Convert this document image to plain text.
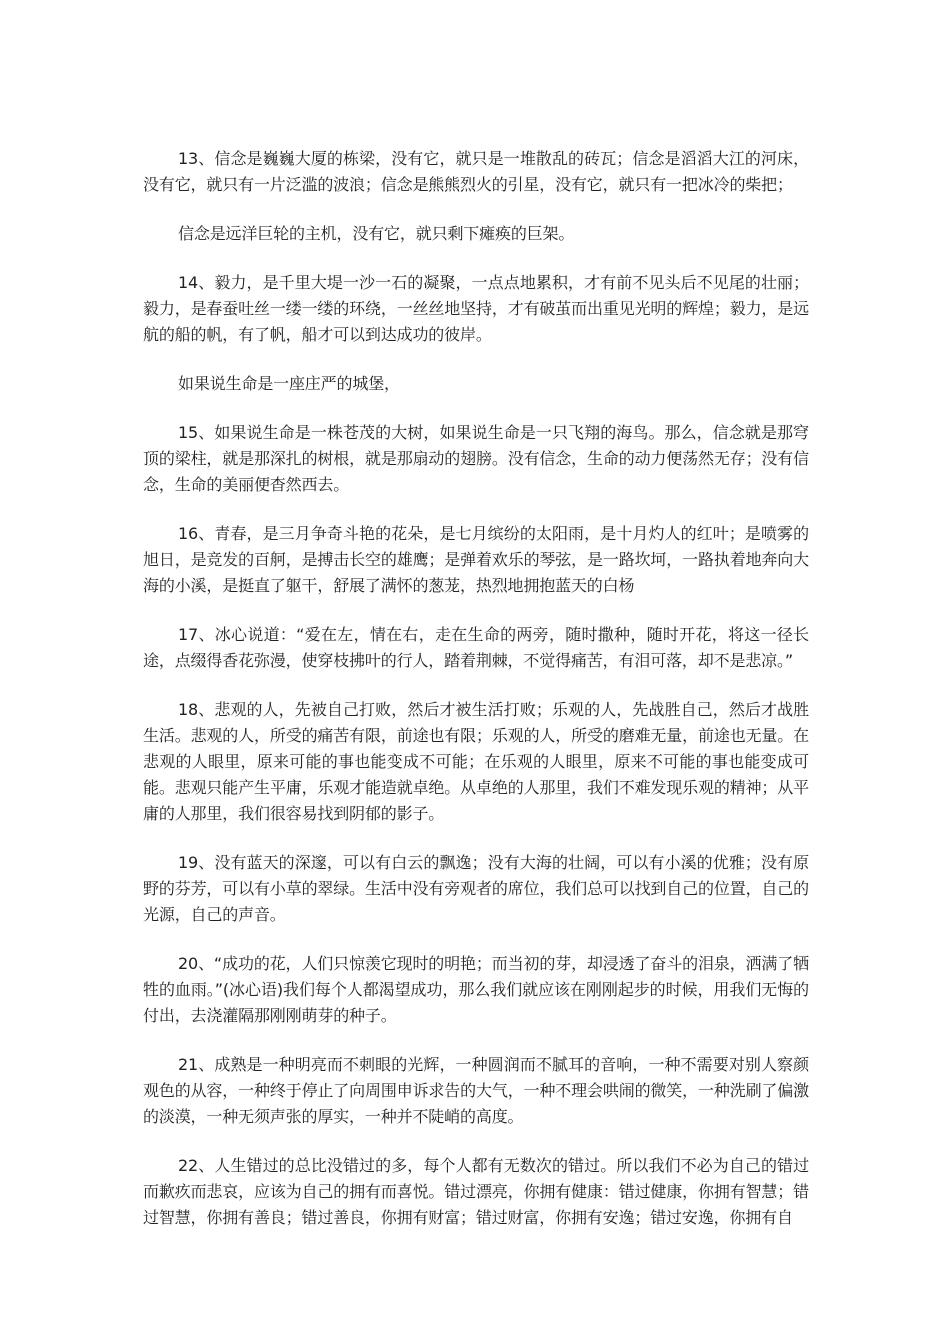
13、信念是巍巍大厦的栋梁，没有它，就只是一堆散乱的砖瓦；信念是滔滔大江的河床，没有它，就只有一片泛滥的波浪；信念是熊熊烈火的引星，没有它，就只有一把冰冷的柴把；

信念是远洋巨轮的主机，没有它，就只剩下瘫痪的巨架。

14、毅力，是千里大堤一沙一石的凝聚，一点点地累积，才有前不见头后不见尾的壮丽；毅力，是春蚕吐丝一缕一缕的环绕，一丝丝地坚持，才有破茧而出重见光明的辉煌；毅力，是远航的船的帆，有了帆，船才可以到达成功的彼岸。

如果说生命是一座庄严的城堡，

15、如果说生命是一株苍茂的大树，如果说生命是一只飞翔的海鸟。那么，信念就是那穹顶的梁柱，就是那深扎的树根，就是那扇动的翅膀。没有信念，生命的动力便荡然无存；没有信念，生命的美丽便杳然西去。

16、青春，是三月争奇斗艳的花朵，是七月缤纷的太阳雨，是十月灼人的红叶；是喷雾的旭日，是竞发的百舸，是搏击长空的雄鹰；是弹着欢乐的琴弦，是一路坎坷，一路执着地奔向大海的小溪，是挺直了躯干，舒展了满怀的葱茏，热烈地拥抱蓝天的白杨

17、冰心说道：“爱在左，情在右，走在生命的两旁，随时撒种，随时开花，将这一径长途，点缀得香花弥漫，使穿枝拂叶的行人，踏着荆棘，不觉得痛苦，有泪可落，却不是悲凉。”

18、悲观的人，先被自己打败，然后才被生活打败；乐观的人，先战胜自己，然后才战胜生活。悲观的人，所受的痛苦有限，前途也有限；乐观的人，所受的磨难无量，前途也无量。在悲观的人眼里，原来可能的事也能变成不可能；在乐观的人眼里，原来不可能的事也能变成可能。悲观只能产生平庸，乐观才能造就卓绝。从卓绝的人那里，我们不难发现乐观的精神；从平庸的人那里，我们很容易找到阴郁的影子。

19、没有蓝天的深邃，可以有白云的飘逸；没有大海的壮阔，可以有小溪的优雅；没有原野的芬芳，可以有小草的翠绿。生活中没有旁观者的席位，我们总可以找到自己的位置，自己的光源，自己的声音。

20、“成功的花，人们只惊羡它现时的明艳；而当初的芽，却浸透了奋斗的泪泉，洒满了牺牲的血雨。”(冰心语)我们每个人都渴望成功，那么我们就应该在刚刚起步的时候，用我们无悔的付出，去浇灌隔那刚刚萌芽的种子。

21、成熟是一种明亮而不刺眼的光辉，一种圆润而不腻耳的音响，一种不需要对别人察颜观色的从容，一种终于停止了向周围申诉求告的大气，一种不理会哄闹的微笑，一种洗刷了偏激的淡漠，一种无须声张的厚实，一种并不陡峭的高度。

22、人生错过的总比没错过的多，每个人都有无数次的错过。所以我们不必为自己的错过而歉疚而悲哀，应该为自己的拥有而喜悦。错过漂亮，你拥有健康：错过健康，你拥有智慧；错过智慧，你拥有善良；错过善良，你拥有财富；错过财富，你拥有安逸；错过安逸，你拥有自
